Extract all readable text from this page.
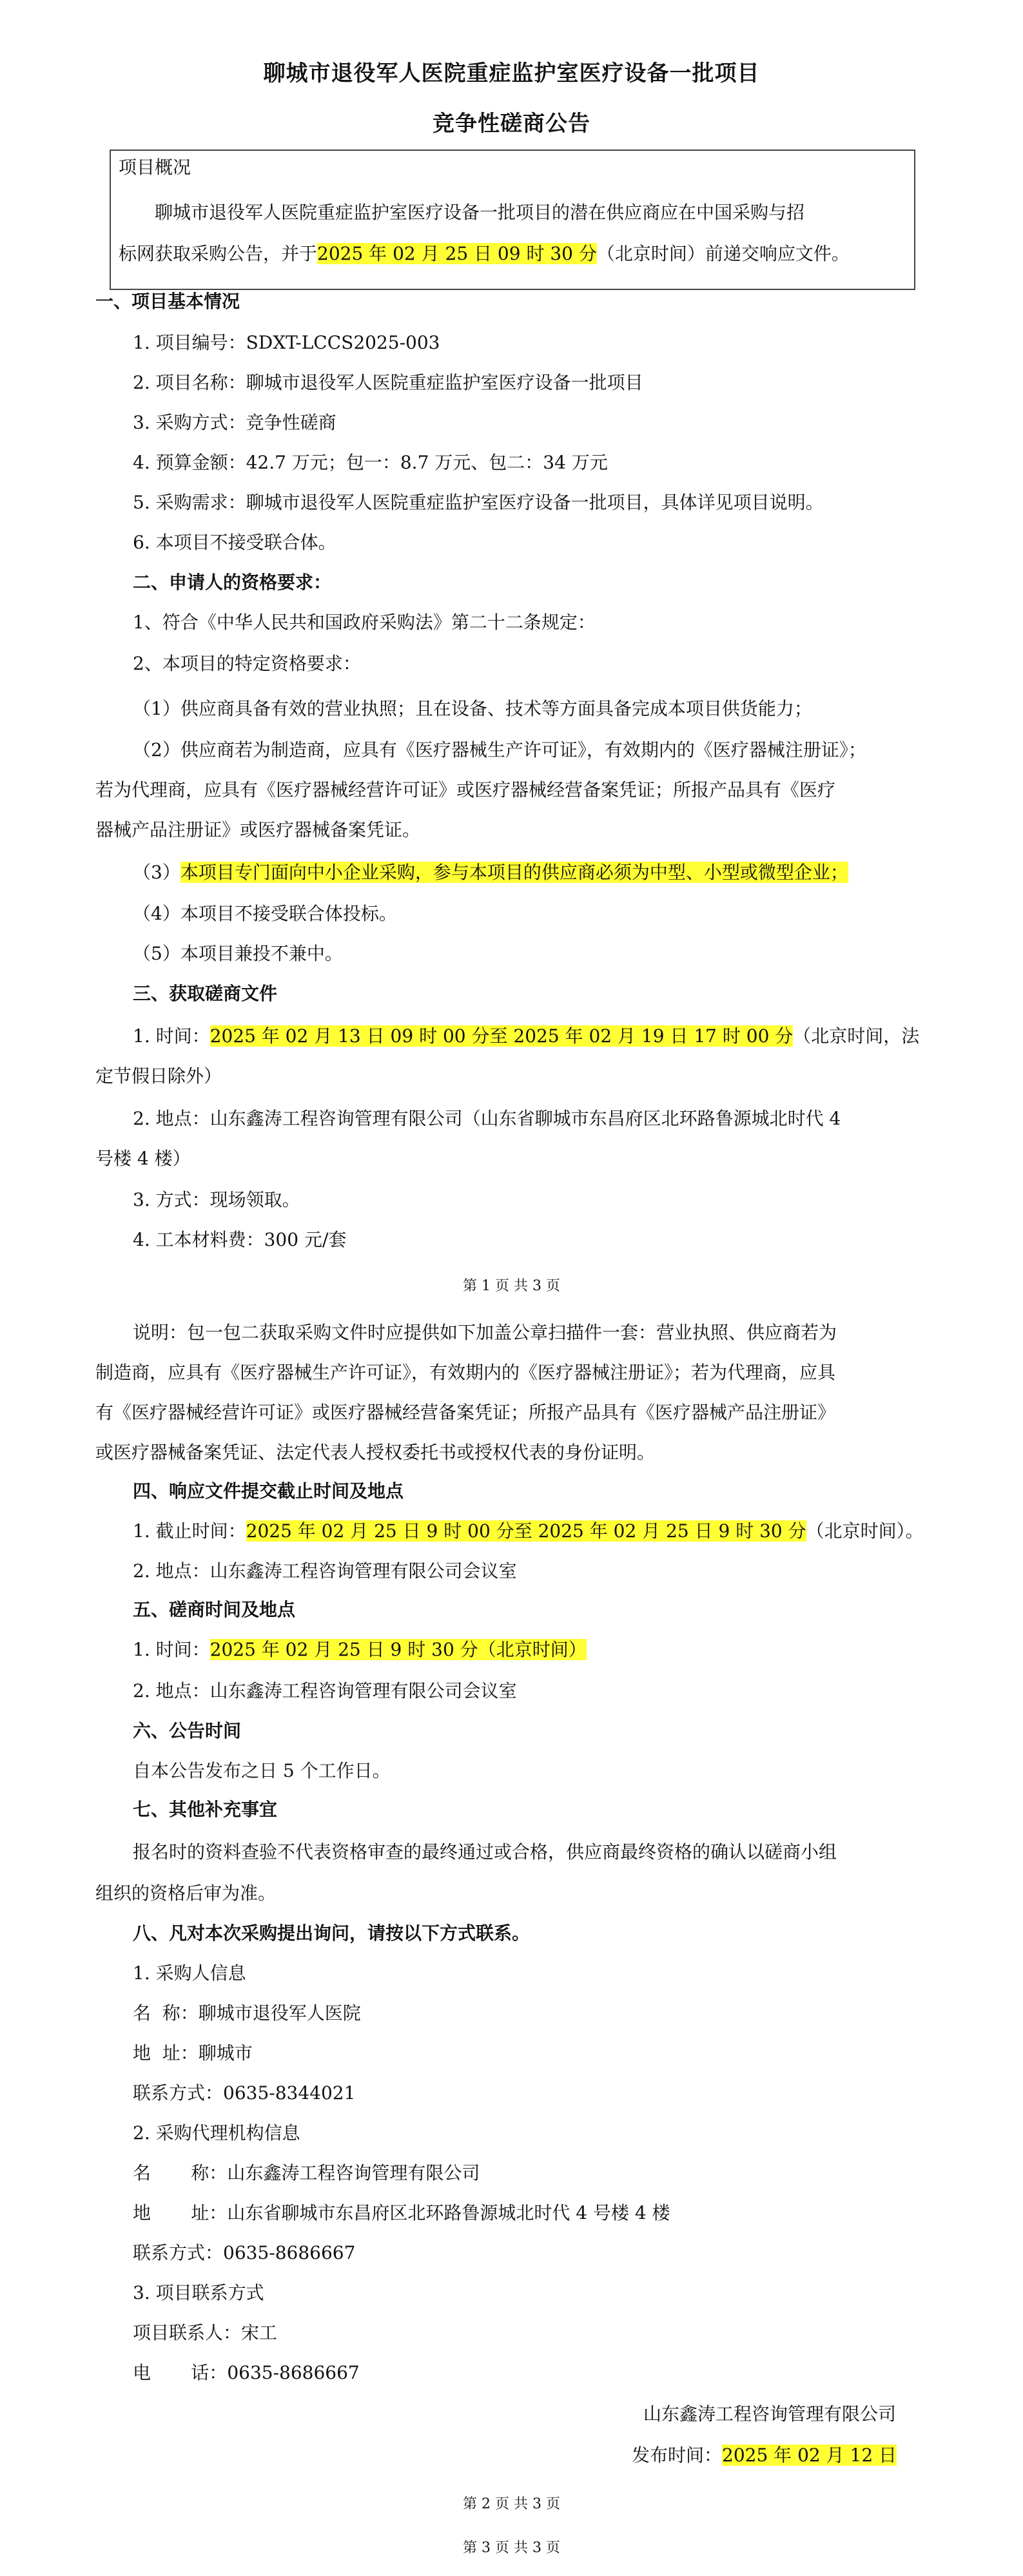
聊城市退役军人医院重症监护室医疗设备一批项目
竞争性磋商公告
项目概况
聊城市退役军人医院重症监护室医疗设备一批项目的潜在供应商应在中国采购与招
标网获取采购公告，并于2025 年 02 月 25 日 09 时 30 分（北京时间）前递交响应文件。
一、项目基本情况
1. 项目编号：SDXT-LCCS2025-003
2. 项目名称：聊城市退役军人医院重症监护室医疗设备一批项目
3. 采购方式：竞争性磋商
4. 预算金额：42.7 万元；包一：8.7 万元、包二：34 万元
5. 采购需求：聊城市退役军人医院重症监护室医疗设备一批项目，具体详见项目说明。
6. 本项目不接受联合体。
二、申请人的资格要求：
1、符合《中华人民共和国政府采购法》第二十二条规定：
2、本项目的特定资格要求：
（1）供应商具备有效的营业执照；且在设备、技术等方面具备完成本项目供货能力；
（2）供应商若为制造商，应具有《医疗器械生产许可证》，有效期内的《医疗器械注册证》；
若为代理商，应具有《医疗器械经营许可证》或医疗器械经营备案凭证；所报产品具有《医疗
器械产品注册证》或医疗器械备案凭证。
（3）本项目专门面向中小企业采购，参与本项目的供应商必须为中型、小型或微型企业；
（4）本项目不接受联合体投标。
（5）本项目兼投不兼中。
三、获取磋商文件
1. 时间：2025 年 02 月 13 日 09 时 00 分至 2025 年 02 月 19 日 17 时 00 分（北京时间，法
定节假日除外）
2. 地点：山东鑫涛工程咨询管理有限公司（山东省聊城市东昌府区北环路鲁源城北时代 4
号楼 4 楼）
3. 方式：现场领取。
4. 工本材料费：300 元/套
第 1 页 共 3 页
说明：包一包二获取采购文件时应提供如下加盖公章扫描件一套：营业执照、供应商若为
制造商，应具有《医疗器械生产许可证》，有效期内的《医疗器械注册证》；若为代理商，应具
有《医疗器械经营许可证》或医疗器械经营备案凭证；所报产品具有《医疗器械产品注册证》
或医疗器械备案凭证、法定代表人授权委托书或授权代表的身份证明。
四、响应文件提交截止时间及地点
1. 截止时间：2025 年 02 月 25 日 9 时 00 分至 2025 年 02 月 25 日 9 时 30 分（北京时间）。
2. 地点：山东鑫涛工程咨询管理有限公司会议室
五、磋商时间及地点
1. 时间：2025 年 02 月 25 日 9 时 30 分（北京时间）
2. 地点：山东鑫涛工程咨询管理有限公司会议室
六、公告时间
自本公告发布之日 5 个工作日。
七、其他补充事宜
报名时的资料查验不代表资格审查的最终通过或合格，供应商最终资格的确认以磋商小组
组织的资格后审为准。
八、凡对本次采购提出询问，请按以下方式联系。
1. 采购人信息
名  称：聊城市退役军人医院
地  址：聊城市
联系方式：0635-8344021
2. 采购代理机构信息
名       称：山东鑫涛工程咨询管理有限公司
地       址：山东省聊城市东昌府区北环路鲁源城北时代 4 号楼 4 楼
联系方式：0635-8686667
3. 项目联系方式
项目联系人：宋工
电       话：0635-8686667
山东鑫涛工程咨询管理有限公司
发布时间：2025 年 02 月 12 日
第 2 页 共 3 页
第 3 页 共 3 页
